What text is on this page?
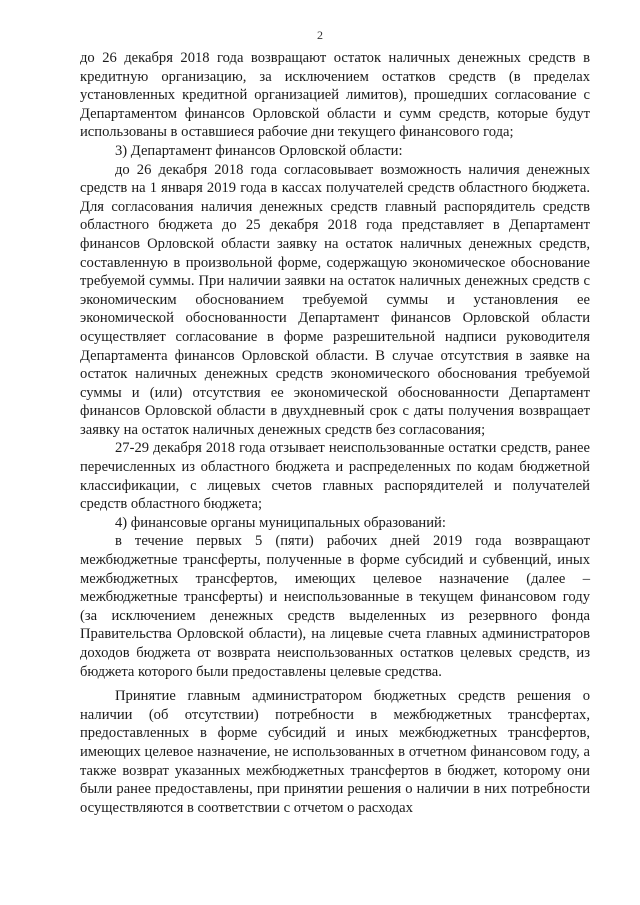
2

до 26 декабря 2018 года возвращают остаток наличных денежных средств в кредитную организацию, за исключением остатков средств (в пределах установленных кредитной организацией лимитов), прошедших согласование с Департаментом финансов Орловской области и сумм средств, которые будут использованы в оставшиеся рабочие дни текущего финансового года;

3) Департамент финансов Орловской области:

до 26 декабря 2018 года согласовывает возможность наличия денежных средств на 1 января 2019 года в кассах получателей средств областного бюджета. Для согласования наличия денежных средств главный распорядитель средств областного бюджета до 25 декабря 2018 года представляет в Департамент финансов Орловской области заявку на остаток наличных денежных средств, составленную в произвольной форме, содержащую экономическое обоснование требуемой суммы. При наличии заявки на остаток наличных денежных средств с экономическим обоснованием требуемой суммы и установления ее экономической обоснованности Департамент финансов Орловской области осуществляет согласование в форме разрешительной надписи руководителя Департамента финансов Орловской области. В случае отсутствия в заявке на остаток наличных денежных средств экономического обоснования требуемой суммы и (или) отсутствия ее экономической обоснованности Департамент финансов Орловской области в двухдневный срок с даты получения возвращает заявку на остаток наличных денежных средств без согласования;

27-29 декабря 2018 года отзывает неиспользованные остатки средств, ранее перечисленных из областного бюджета и распределенных по кодам бюджетной классификации, с лицевых счетов главных распорядителей и получателей средств областного бюджета;

4) финансовые органы муниципальных образований:

в течение первых 5 (пяти) рабочих дней 2019 года возвращают межбюджетные трансферты, полученные в форме субсидий и субвенций, иных межбюджетных трансфертов, имеющих целевое назначение (далее – межбюджетные трансферты) и неиспользованные в текущем финансовом году (за исключением денежных средств выделенных из резервного фонда Правительства Орловской области), на лицевые счета главных администраторов доходов бюджета от возврата неиспользованных остатков целевых средств, из бюджета которого были предоставлены целевые средства.

Принятие главным администратором бюджетных средств решения о наличии (об отсутствии) потребности в межбюджетных трансфертах, предоставленных в форме субсидий и иных межбюджетных трансфертов, имеющих целевое назначение, не использованных в отчетном финансовом году, а также возврат указанных межбюджетных трансфертов в бюджет, которому они были ранее предоставлены, при принятии решения о наличии в них потребности осуществляются в соответствии с отчетом о расходах
